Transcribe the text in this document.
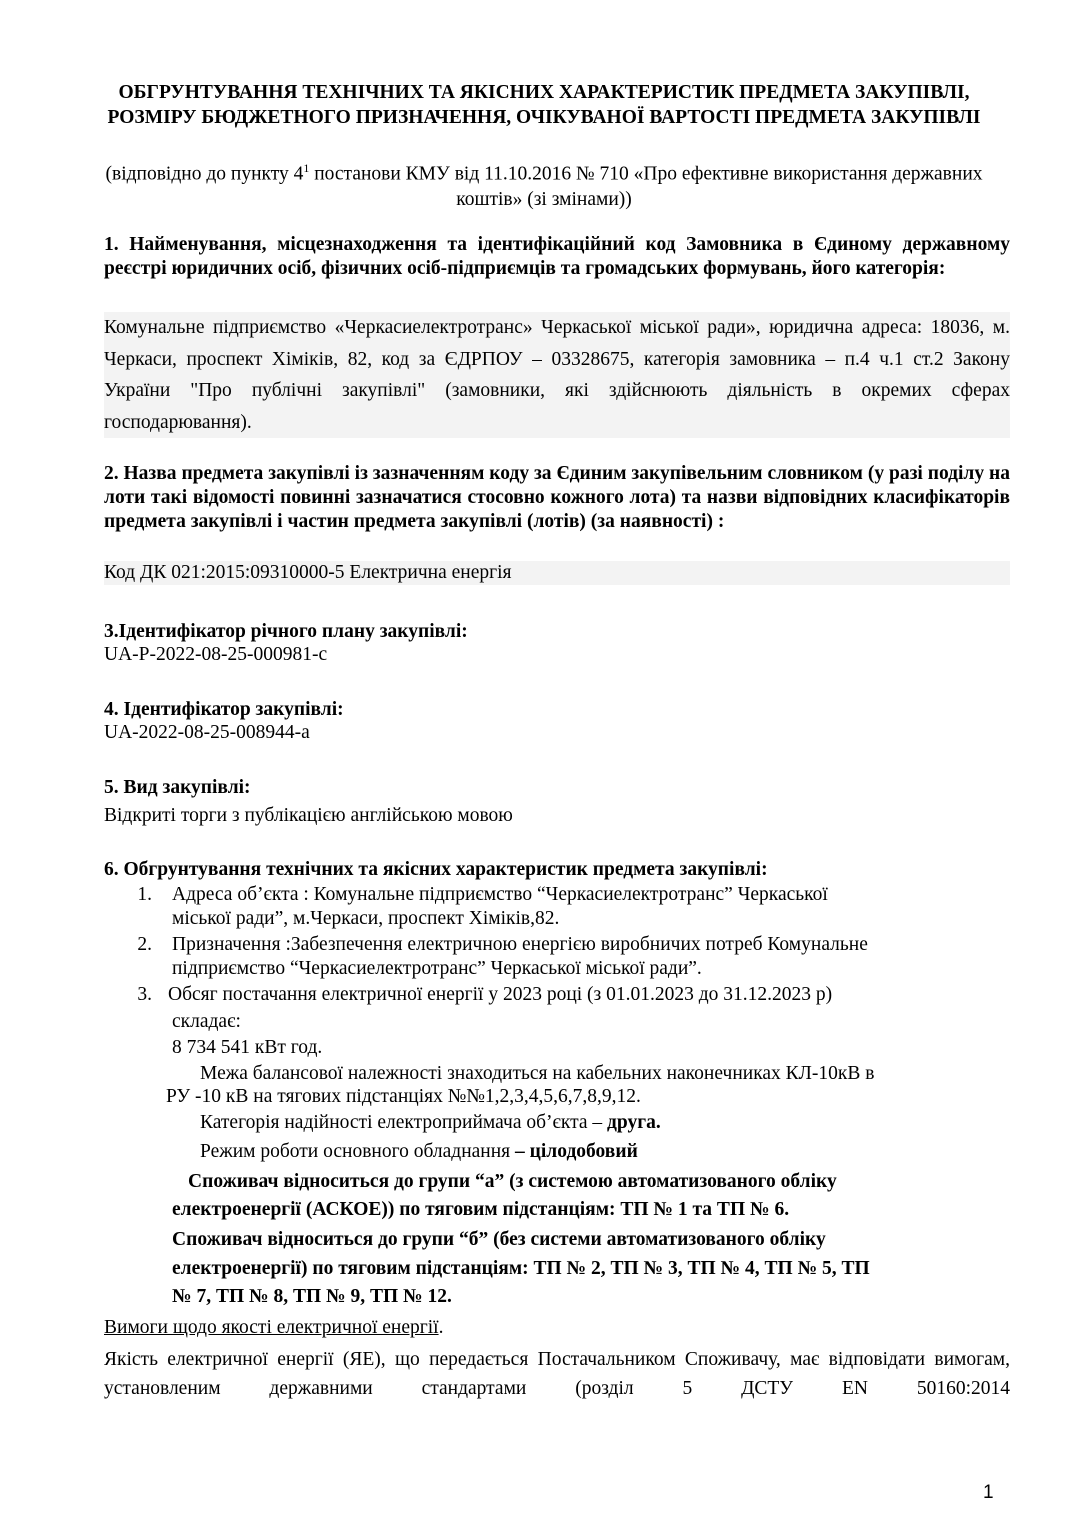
ОБГРУНТУВАННЯ ТЕХНІЧНИХ ТА ЯКІСНИХ ХАРАКТЕРИСТИК ПРЕДМЕТА ЗАКУПІВЛІ, РОЗМІРУ БЮДЖЕТНОГО ПРИЗНАЧЕННЯ, ОЧІКУВАНОЇ ВАРТОСТІ ПРЕДМЕТА ЗАКУПІВЛІ
(відповідно до пункту $4^1$ постанови КМУ від 11.10.2016 № 710 «Про ефективне використання державних коштів» (зі змінами))
1. Найменування, місцезнаходження та ідентифікаційний код Замовника в Єдиному державному реєстрі юридичних осіб, фізичних осіб-підприємців та громадських формувань, його категорія:
Комунальне підприємство «Черкасиелектротранс» Черкаської міської ради», юридична адреса: 18036, м. Черкаси, проспект Хіміків, 82, код за ЄДРПОУ – 03328675, категорія замовника – п.4 ч.1 ст.2 Закону України "Про публічні закупівлі" (замовники, які здійснюють діяльність в окремих сферах господарювання).
2. Назва предмета закупівлі із зазначенням коду за Єдиним закупівельним словником (у разі поділу на лоти такі відомості повинні зазначатися стосовно кожного лота) та назви відповідних класифікаторів предмета закупівлі і частин предмета закупівлі (лотів) (за наявності) :
Код ДК 021:2015:09310000-5 Електрична енергія
3.Ідентифікатор річного плану закупівлі:
UA-P-2022-08-25-000981-c
4. Ідентифікатор закупівлі:
UA-2022-08-25-008944-a
5. Вид закупівлі:
Відкриті торги з публікацією англійською мовою
6. Обгрунтування технічних та якісних характеристик предмета закупівлі:
1. Адреса об’єкта : Комунальне підприємство “Черкасиелектротранс” Черкаської
міської ради”, м.Черкаси, проспект Хіміків,82.
2. Призначення :Забезпечення електричною енергією виробничих потреб Комунальне
підприємство “Черкасиелектротранс” Черкаської міської ради”.
3. Обсяг постачання електричної енергії у 2023 році (з 01.01.2023 до 31.12.2023 р)
складає:
8 734 541 кВт год.
Межа балансової належності знаходиться на кабельних наконечниках КЛ-10кВ в
РУ -10 кВ на тягових підстанціях №№1,2,3,4,5,6,7,8,9,12.
Категорія надійності електроприймача об’єкта – друга.
Режим роботи основного обладнання – цілодобовий
Споживач відноситься до групи “а” (з системою автоматизованого обліку
електроенергії (АСКОЕ)) по тяговим підстанціям: ТП № 1 та ТП № 6.
Споживач відноситься до групи “б” (без системи автоматизованого обліку
електроенергії) по тяговим підстанціям: ТП № 2, ТП № 3, ТП № 4, ТП № 5, ТП
№ 7, ТП № 8, ТП № 9, ТП № 12.
Вимоги щодо якості електричної енергії.
Якість електричної енергії (ЯЕ), що передається Постачальником Споживачу, має відповідати вимогам, установленим державними стандартами (розділ 5 ДСТУ EN 50160:2014
1
